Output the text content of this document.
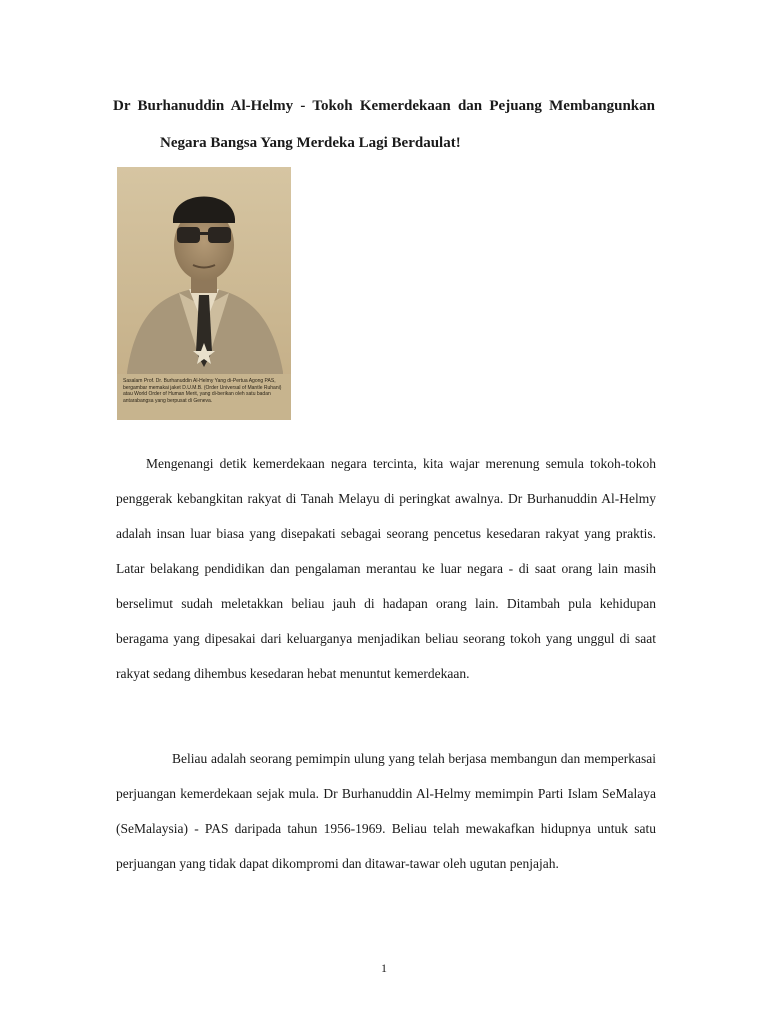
Dr Burhanuddin Al-Helmy - Tokoh Kemerdekaan dan Pejuang Membangunkan
Negara Bangsa Yang Merdeka Lagi Berdaulat!
Sasalam Prof. Dr. Burhanuddin Al-Helmy Yang di-Pertua Agong PAS, bergambar memakai jaket D.U.M.B. (Order Universal of Mantle Ruhani) atau World Order of Human Merit, yang di-berikan oleh satu badan antarabangsa yang berpusat di Geneva.

Mengenangi detik kemerdekaan negara tercinta, kita wajar merenung semula tokoh-tokoh penggerak kebangkitan rakyat di Tanah Melayu di peringkat awalnya. Dr Burhanuddin Al-Helmy adalah insan luar biasa yang disepakati sebagai seorang pencetus kesedaran rakyat yang praktis. Latar belakang pendidikan dan pengalaman merantau ke luar negara - di saat orang lain masih berselimut sudah meletakkan beliau jauh di hadapan orang lain. Ditambah pula kehidupan beragama yang dipesakai dari keluarganya menjadikan beliau seorang tokoh yang unggul di saat rakyat sedang dihembus kesedaran hebat menuntut kemerdekaan.

Beliau adalah seorang pemimpin ulung yang telah berjasa membangun dan memperkasai perjuangan kemerdekaan sejak mula. Dr Burhanuddin Al-Helmy memimpin Parti Islam SeMalaya (SeMalaysia) - PAS daripada tahun 1956-1969. Beliau telah mewakafkan hidupnya untuk satu perjuangan yang tidak dapat dikompromi dan ditawar-tawar oleh ugutan penjajah.

1
